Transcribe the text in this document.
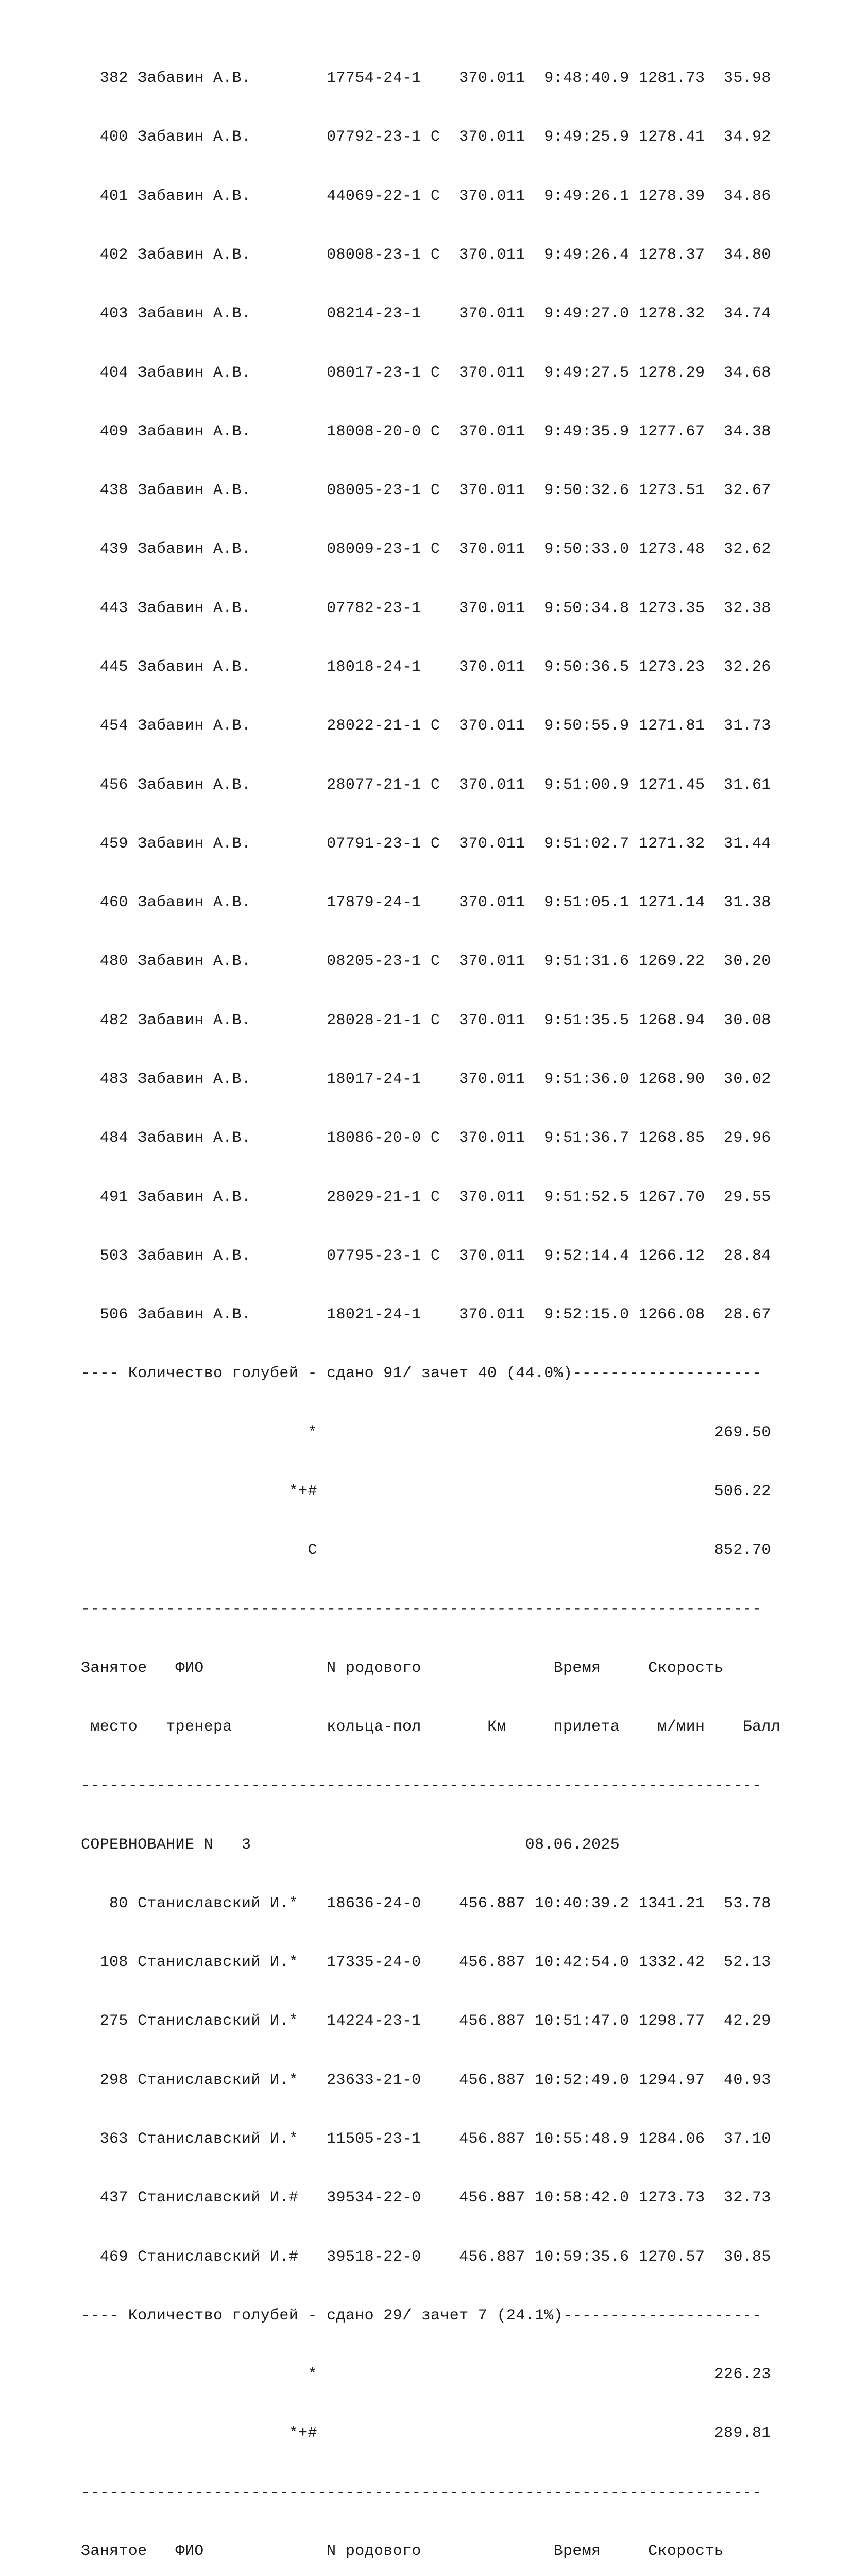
382 Забавин А.В.        17754-24-1    370.011  9:48:40.9 1281.73  35.98

400 Забавин А.В.        07792-23-1 С  370.011  9:49:25.9 1278.41  34.92

401 Забавин А.В.        44069-22-1 С  370.011  9:49:26.1 1278.39  34.86

402 Забавин А.В.        08008-23-1 С  370.011  9:49:26.4 1278.37  34.80

403 Забавин А.В.        08214-23-1    370.011  9:49:27.0 1278.32  34.74

404 Забавин А.В.        08017-23-1 С  370.011  9:49:27.5 1278.29  34.68

409 Забавин А.В.        18008-20-0 С  370.011  9:49:35.9 1277.67  34.38

438 Забавин А.В.        08005-23-1 С  370.011  9:50:32.6 1273.51  32.67

439 Забавин А.В.        08009-23-1 С  370.011  9:50:33.0 1273.48  32.62

443 Забавин А.В.        07782-23-1    370.011  9:50:34.8 1273.35  32.38

445 Забавин А.В.        18018-24-1    370.011  9:50:36.5 1273.23  32.26

454 Забавин А.В.        28022-21-1 С  370.011  9:50:55.9 1271.81  31.73

456 Забавин А.В.        28077-21-1 С  370.011  9:51:00.9 1271.45  31.61

459 Забавин А.В.        07791-23-1 С  370.011  9:51:02.7 1271.32  31.44

460 Забавин А.В.        17879-24-1    370.011  9:51:05.1 1271.14  31.38

480 Забавин А.В.        08205-23-1 С  370.011  9:51:31.6 1269.22  30.20

482 Забавин А.В.        28028-21-1 С  370.011  9:51:35.5 1268.94  30.08

483 Забавин А.В.        18017-24-1    370.011  9:51:36.0 1268.90  30.02

484 Забавин А.В.        18086-20-0 С  370.011  9:51:36.7 1268.85  29.96

491 Забавин А.В.        28029-21-1 С  370.011  9:51:52.5 1267.70  29.55

503 Забавин А.В.        07795-23-1 С  370.011  9:52:14.4 1266.12  28.84

506 Забавин А.В.        18021-24-1    370.011  9:52:15.0 1266.08  28.67

---- Количество голубей - сдано 91/ зачет 40 (44.0%)--------------------

*                                          269.50

*+#                                          506.22

С                                          852.70

------------------------------------------------------------------------

Занятое   ФИО             N родового              Время     Скорость

место   тренера          кольца-пол       Км     прилета    м/мин    Балл

------------------------------------------------------------------------

СОРЕВНОВАНИЕ N   3                             08.06.2025

80 Станиславский И.*   18636-24-0    456.887 10:40:39.2 1341.21  53.78

108 Станиславский И.*   17335-24-0    456.887 10:42:54.0 1332.42  52.13

275 Станиславский И.*   14224-23-1    456.887 10:51:47.0 1298.77  42.29

298 Станиславский И.*   23633-21-0    456.887 10:52:49.0 1294.97  40.93

363 Станиславский И.*   11505-23-1    456.887 10:55:48.9 1284.06  37.10

437 Станиславский И.#   39534-22-0    456.887 10:58:42.0 1273.73  32.73

469 Станиславский И.#   39518-22-0    456.887 10:59:35.6 1270.57  30.85

---- Количество голубей - сдано 29/ зачет 7 (24.1%)---------------------

*                                          226.23

*+#                                          289.81

------------------------------------------------------------------------

Занятое   ФИО             N родового              Время     Скорость
